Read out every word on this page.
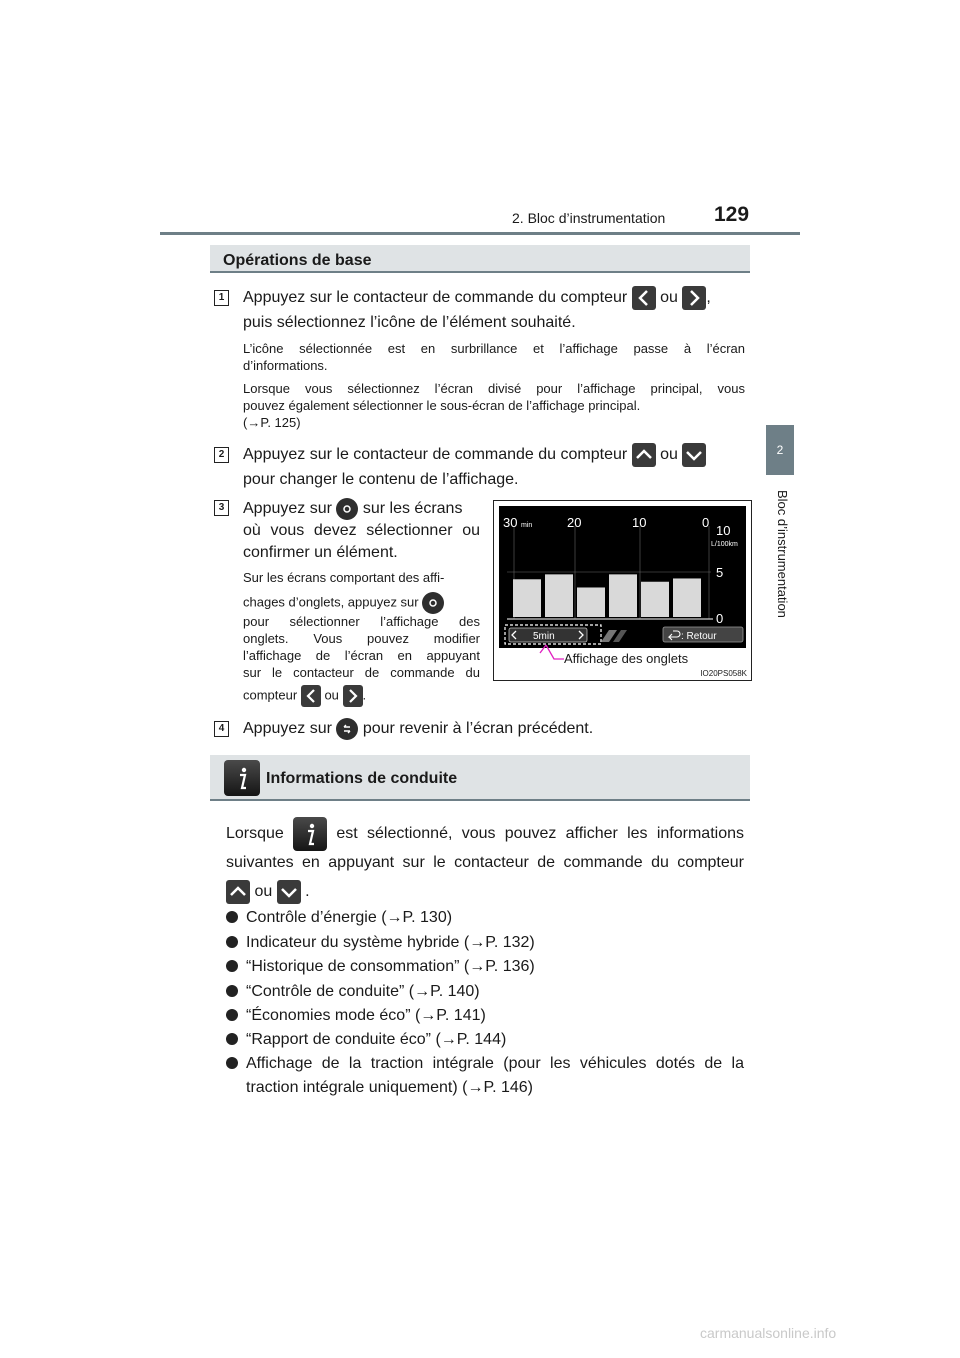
2. Bloc d’instrumentation 129
2
Bloc d’instrumentation
Opérations de base
1 Appuyez sur le contacteur de commande du compteur ou ,
puis sélectionnez l’icône de l’élément souhaité.
L’icône sélectionnée est en surbrillance et l’affichage passe à l’écran
d’informations.
Lorsque vous sélectionnez l’écran divisé pour l’affichage principal, vous
pouvez également sélectionner le sous-écran de l’affichage principal.
(→P. 125)
2 Appuyez sur le contacteur de commande du compteur ou
pour changer le contenu de l’affichage.
3 Appuyez sur sur les écrans
où vous devez sélectionner ou
confirmer un élément.
Sur les écrans comportant des affi-
chages d’onglets, appuyez sur
pour sélectionner l’affichage des
onglets. Vous pouvez modifier
l’affichage de l’écran en appuyant
sur le contacteur de commande du
compteur ou .
30 min	20	10	0
10
L/100km
5
0
5min	: Retour
Affichage des onglets
IO20PS058K
4 Appuyez sur pour revenir à l’écran précédent.
Informations de conduite
Lorsque	est sélectionné, vous pouvez afficher les informations
suivantes en appuyant sur le contacteur de commande du compteur
ou .
Contrôle d’énergie (→P. 130)
Indicateur du système hybride (→P. 132)
“Historique de consommation” (→P. 136)
“Contrôle de conduite” (→P. 140)
“Économies mode éco” (→P. 141)
“Rapport de conduite éco” (→P. 144)
Affichage de la traction intégrale (pour les véhicules dotés de la
traction intégrale uniquement) (→P. 146)
carmanualsonline.info
